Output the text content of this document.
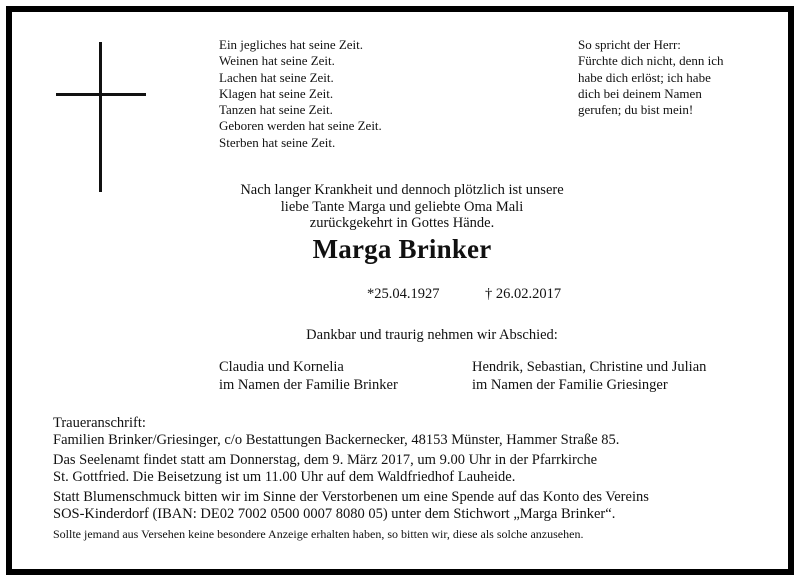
Ein jegliches hat seine Zeit.
Weinen hat seine Zeit.
Lachen hat seine Zeit.
Klagen hat seine Zeit.
Tanzen hat seine Zeit.
Geboren werden hat seine Zeit.
Sterben hat seine Zeit.
So spricht der Herr:
Fürchte dich nicht, denn ich
habe dich erlöst; ich habe
dich bei deinem Namen
gerufen; du bist mein!
Nach langer Krankheit und dennoch plötzlich ist unsere
liebe Tante Marga und geliebte Oma Mali
zurückgekehrt in Gottes Hände.
Marga Brinker
*25.04.1927	† 26.02.2017
Dankbar und traurig nehmen wir Abschied:
Claudia und Kornelia
im Namen der Familie Brinker
Hendrik, Sebastian, Christine und Julian
im Namen der Familie Griesinger

Traueranschrift:
Familien Brinker/Griesinger, c/o Bestattungen Backernecker, 48153 Münster, Hammer Straße 85.

Das Seelenamt findet statt am Donnerstag, dem 9. März 2017, um 9.00 Uhr in der Pfarrkirche
St. Gottfried. Die Beisetzung ist um 11.00 Uhr auf dem Waldfriedhof Lauheide.

Statt Blumenschmuck bitten wir im Sinne der Verstorbenen um eine Spende auf das Konto des Vereins
SOS-Kinderdorf (IBAN: DE02 7002 0500 0007 8080 05) unter dem Stichwort „Marga Brinker“.

Sollte jemand aus Versehen keine besondere Anzeige erhalten haben, so bitten wir, diese als solche anzusehen.
